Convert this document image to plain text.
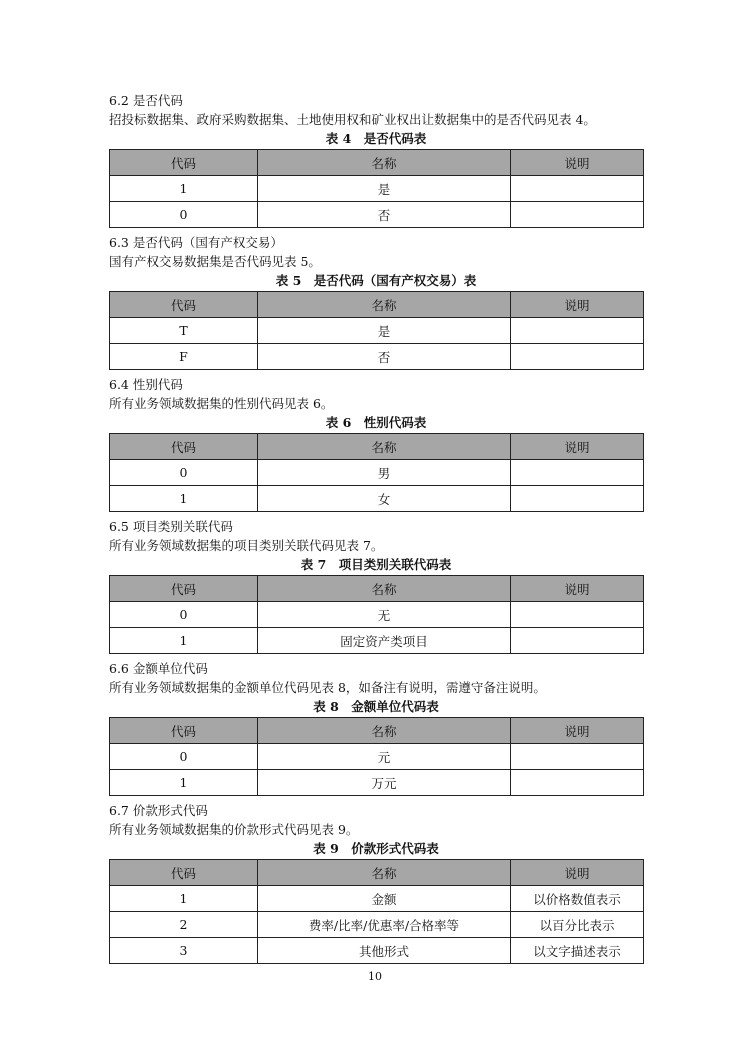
6.2 是否代码
招投标数据集、政府采购数据集、土地使用权和矿业权出让数据集中的是否代码见表 4。
表 4　是否代码表
代码	名称	说明
1	是	
0	否	
6.3 是否代码（国有产权交易）
国有产权交易数据集是否代码见表 5。
表 5　是否代码（国有产权交易）表
代码	名称	说明
T	是	
F	否	
6.4 性别代码
所有业务领域数据集的性别代码见表 6。
表 6　性别代码表
代码	名称	说明
0	男	
1	女	
6.5 项目类别关联代码
所有业务领域数据集的项目类别关联代码见表 7。
表 7　项目类别关联代码表
代码	名称	说明
0	无	
1	固定资产类项目	
6.6 金额单位代码
所有业务领域数据集的金额单位代码见表 8，如备注有说明，需遵守备注说明。
表 8　金额单位代码表
代码	名称	说明
0	元	
1	万元	
6.7 价款形式代码
所有业务领域数据集的价款形式代码见表 9。
表 9　价款形式代码表
代码	名称	说明
1	金额	以价格数值表示
2	费率/比率/优惠率/合格率等	以百分比表示
3	其他形式	以文字描述表示
10
